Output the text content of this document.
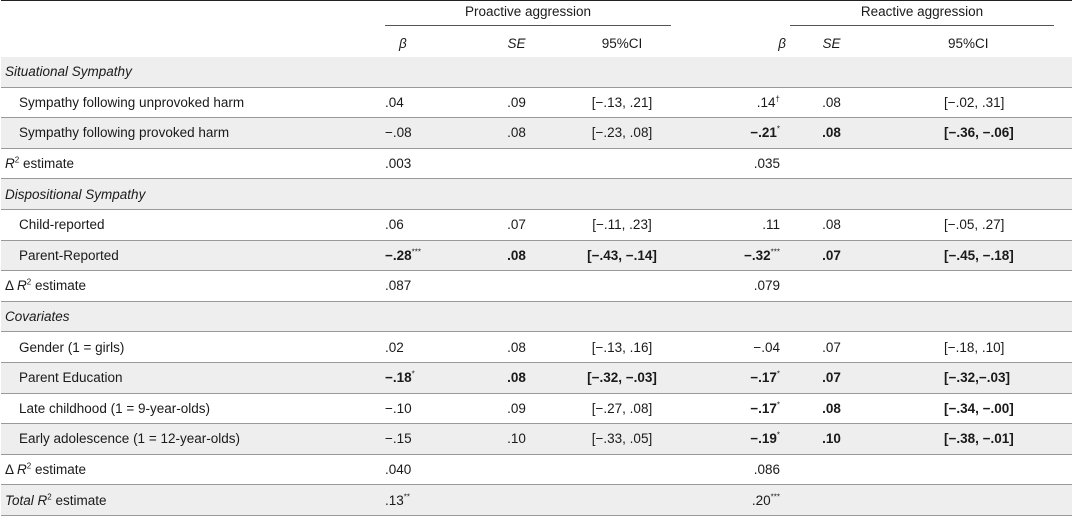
	Proactive aggression				Reactive aggression		

	β	SE	95%CI	β	SE		95%CI
Situational Sympathy							
Sympathy following unprovoked harm	.04	.09	[−.13, .21]	.14†	.08		[−.02, .31]
Sympathy following provoked harm	−.08	.08	[−.23, .08]	−.21*	.08		[−.36, −.06]
$R^2$ estimate	.003			.035			
Dispositional Sympathy							
Child-reported	.06	.07	[−.11, .23]	.11	.08		[−.05, .27]
Parent-Reported	−.28***	.08	[−.43, −.14]	−.32***	.07		[−.45, −.18]
Δ $R^2$ estimate	.087			.079			
Covariates							
Gender (1 = girls)	.02	.08	[−.13, .16]	−.04	.07		[−.18, .10]
Parent Education	−.18*	.08	[−.32, −.03]	−.17*	.07		[−.32,−.03]
Late childhood (1 = 9-year-olds)	−.10	.09	[−.27, .08]	−.17*	.08		[−.34, −.00]
Early adolescence (1 = 12-year-olds)	−.15	.10	[−.33, .05]	−.19*	.10		[−.38, −.01]
Δ $R^2$ estimate	.040			.086			
Total $R^2$ estimate	.13**			.20***			
